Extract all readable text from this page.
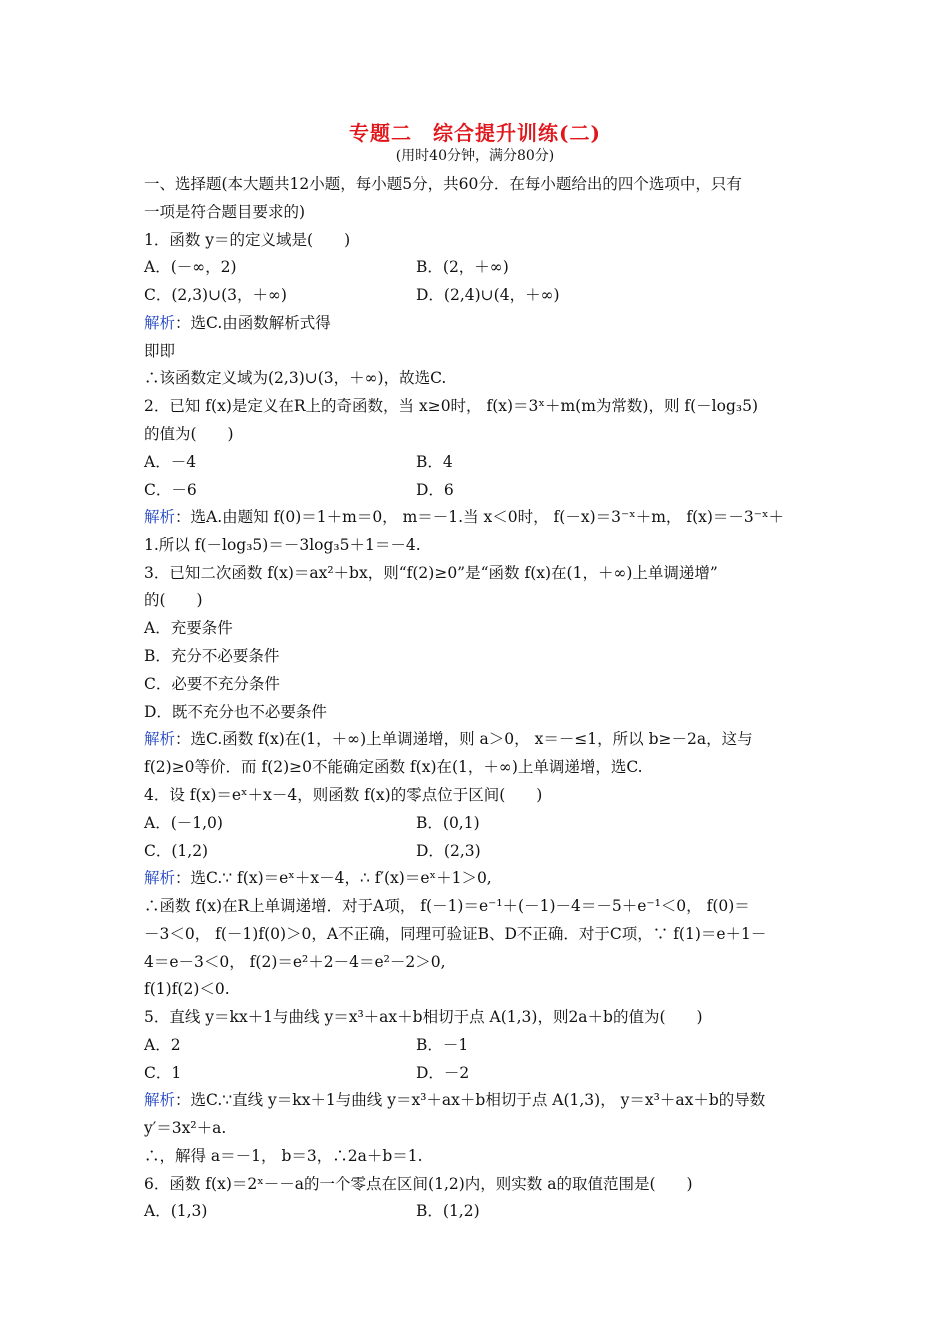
专题二　综合提升训练(二)
(用时40分钟，满分80分)
一、选择题(本大题共12小题，每小题5分，共60分．在每小题给出的四个选项中，只有
一项是符合题目要求的)
1．函数 y＝的定义域是(　　)
A．(－∞，2)	B．(2，＋∞)
C．(2,3)∪(3，＋∞)	D．(2,4)∪(4，＋∞)
解析：选C.由函数解析式得
即即
∴该函数定义域为(2,3)∪(3，＋∞)，故选C.
2．已知 f(x)是定义在R上的奇函数，当 x≥0时， f(x)＝3ˣ＋m(m为常数)，则 f(－log₃5)
的值为(　　)
A．－4	B．4
C．－6	D．6
解析：选A.由题知 f(0)＝1＋m＝0， m＝－1.当 x＜0时， f(－x)＝3⁻ˣ＋m， f(x)＝－3⁻ˣ＋
1.所以 f(－log₃5)＝－3log₃5＋1＝－4.
3．已知二次函数 f(x)＝ax²＋bx，则“f(2)≥0”是“函数 f(x)在(1，＋∞)上单调递增”
的(　　)
A．充要条件
B．充分不必要条件
C．必要不充分条件
D．既不充分也不必要条件
解析：选C.函数 f(x)在(1，＋∞)上单调递增，则 a＞0， x＝－≤1，所以 b≥－2a，这与
f(2)≥0等价．而 f(2)≥0不能确定函数 f(x)在(1，＋∞)上单调递增，选C.
4．设 f(x)＝eˣ＋x－4，则函数 f(x)的零点位于区间(　　)
A．(－1,0)	B．(0,1)
C．(1,2)	D．(2,3)
解析：选C.∵ f(x)＝eˣ＋x－4，∴ f′(x)＝eˣ＋1＞0,
∴函数 f(x)在R上单调递增．对于A项， f(－1)＝e⁻¹＋(－1)－4＝－5＋e⁻¹＜0， f(0)＝
－3＜0， f(－1)f(0)＞0，A不正确，同理可验证B、D不正确．对于C项，∵ f(1)＝e＋1－
4＝e－3＜0， f(2)＝e²＋2－4＝e²－2＞0,
f(1)f(2)＜0.
5．直线 y＝kx＋1与曲线 y＝x³＋ax＋b相切于点 A(1,3)，则2a＋b的值为(　　)
A．2	B．－1
C．1	D．－2
解析：选C.∵直线 y＝kx＋1与曲线 y＝x³＋ax＋b相切于点 A(1,3)， y＝x³＋ax＋b的导数
y′＝3x²＋a.
∴，解得 a＝－1， b＝3，∴2a＋b＝1.
6．函数 f(x)＝2ˣ－－a的一个零点在区间(1,2)内，则实数 a的取值范围是(　　)
A．(1,3)	B．(1,2)
